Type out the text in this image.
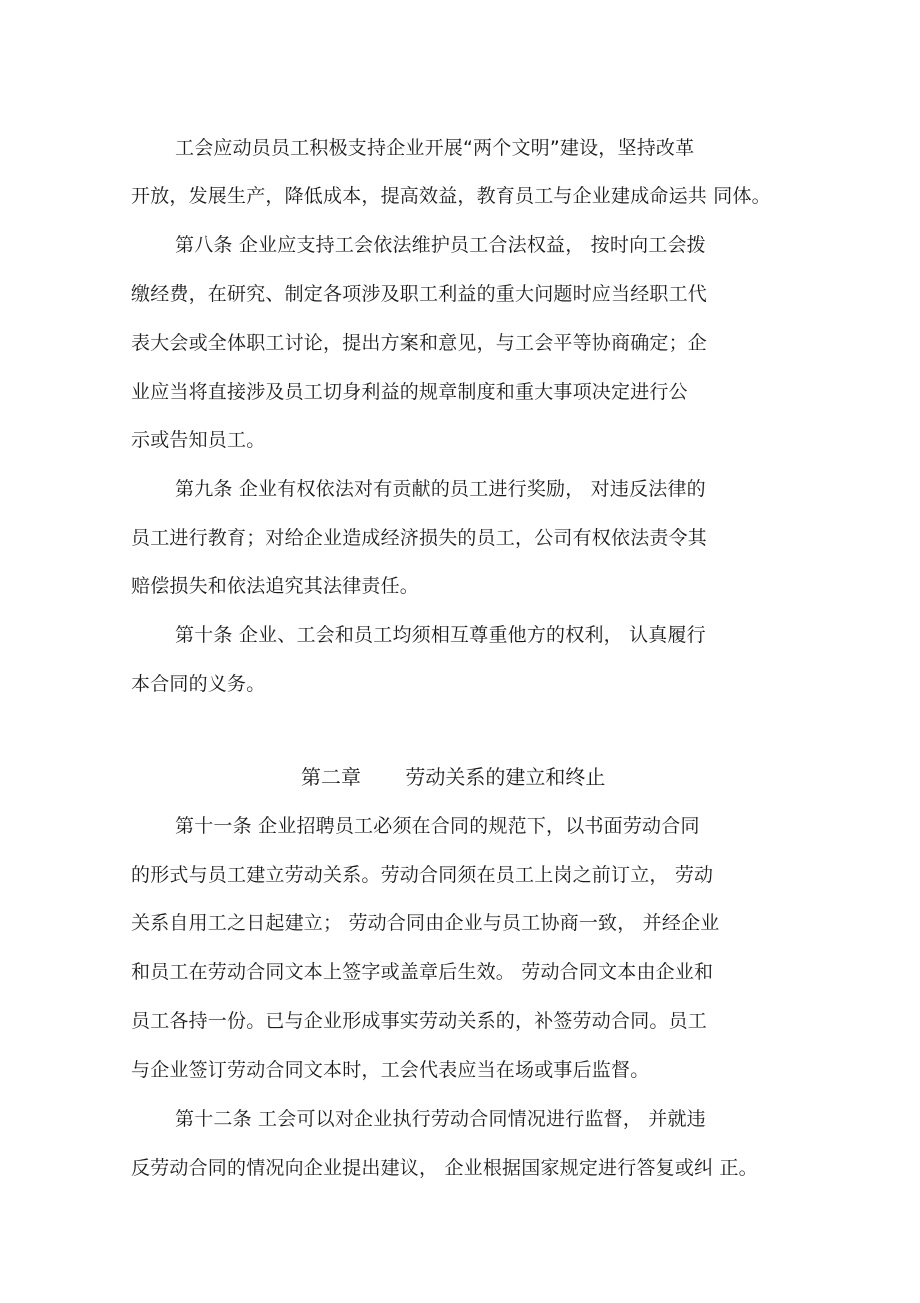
工会应动员员工积极支持企业开展“两个文明”建设，坚持改革
开放，发展生产，降低成本，提高效益，教育员工与企业建成命运共 同体。
第八条 企业应支持工会依法维护员工合法权益， 按时向工会拨
缴经费，在研究、制定各项涉及职工利益的重大问题时应当经职工代
表大会或全体职工讨论，提出方案和意见，与工会平等协商确定；企
业应当将直接涉及员工切身利益的规章制度和重大事项决定进行公
示或告知员工。
第九条 企业有权依法对有贡献的员工进行奖励， 对违反法律的
员工进行教育；对给企业造成经济损失的员工，公司有权依法责令其
赔偿损失和依法追究其法律责任。
第十条 企业、工会和员工均须相互尊重他方的权利， 认真履行
本合同的义务。
第二章 劳动关系的建立和终止
第十一条 企业招聘员工必须在合同的规范下，以书面劳动合同
的形式与员工建立劳动关系。劳动合同须在员工上岗之前订立， 劳动
关系自用工之日起建立； 劳动合同由企业与员工协商一致， 并经企业
和员工在劳动合同文本上签字或盖章后生效。 劳动合同文本由企业和
员工各持一份。已与企业形成事实劳动关系的，补签劳动合同。员工
与企业签订劳动合同文本时，工会代表应当在场或事后监督。
第十二条 工会可以对企业执行劳动合同情况进行监督， 并就违
反劳动合同的情况向企业提出建议， 企业根据国家规定进行答复或纠 正。
